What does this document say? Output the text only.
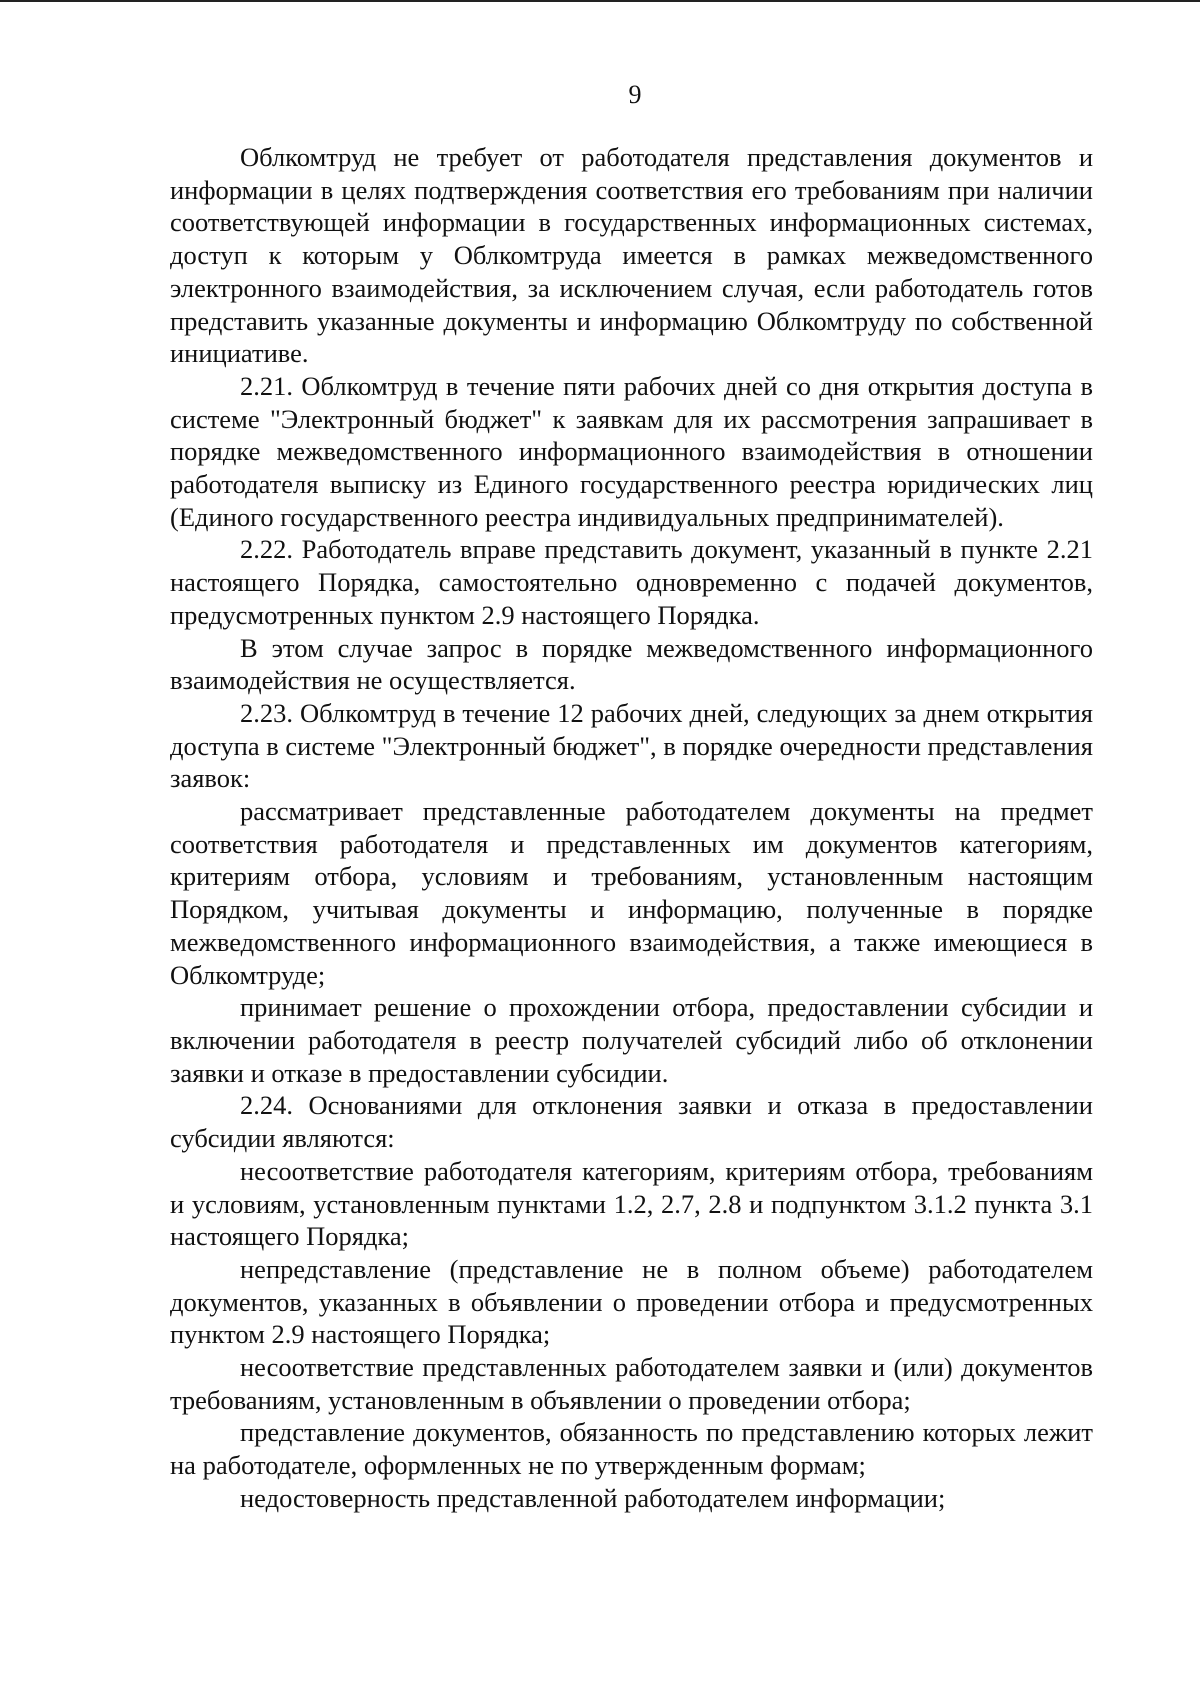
9

Облкомтруд не требует от работодателя представления документов и информации в целях подтверждения соответствия его требованиям при наличии соответствующей информации в государственных информационных системах, доступ к которым у Облкомтруда имеется в рамках межведомственного электронного взаимодействия, за исключением случая, если работодатель готов представить указанные документы и информацию Облкомтруду по собственной инициативе.

2.21. Облкомтруд в течение пяти рабочих дней со дня открытия доступа в системе "Электронный бюджет" к заявкам для их рассмотрения запрашивает в порядке межведомственного информационного взаимодействия в отношении работодателя выписку из Единого государственного реестра юридических лиц (Единого государственного реестра индивидуальных предпринимателей).

2.22. Работодатель вправе представить документ, указанный в пункте 2.21 настоящего Порядка, самостоятельно одновременно с подачей документов, предусмотренных пунктом 2.9 настоящего Порядка.

В этом случае запрос в порядке межведомственного информационного взаимодействия не осуществляется.

2.23. Облкомтруд в течение 12 рабочих дней, следующих за днем открытия доступа в системе "Электронный бюджет", в порядке очередности представления заявок:

рассматривает представленные работодателем документы на предмет соответствия работодателя и представленных им документов категориям, критериям отбора, условиям и требованиям, установленным настоящим Порядком, учитывая документы и информацию, полученные в порядке межведомственного информационного взаимодействия, а также имеющиеся в Облкомтруде;

принимает решение о прохождении отбора, предоставлении субсидии и включении работодателя в реестр получателей субсидий либо об отклонении заявки и отказе в предоставлении субсидии.

2.24. Основаниями для отклонения заявки и отказа в предоставлении субсидии являются:

несоответствие работодателя категориям, критериям отбора, требованиям и условиям, установленным пунктами 1.2, 2.7, 2.8 и подпунктом 3.1.2 пункта 3.1 настоящего Порядка;

непредставление (представление не в полном объеме) работодателем документов, указанных в объявлении о проведении отбора и предусмотренных пунктом 2.9 настоящего Порядка;

несоответствие представленных работодателем заявки и (или) документов требованиям, установленным в объявлении о проведении отбора;

представление документов, обязанность по представлению которых лежит на работодателе, оформленных не по утвержденным формам;

недостоверность представленной работодателем информации;
